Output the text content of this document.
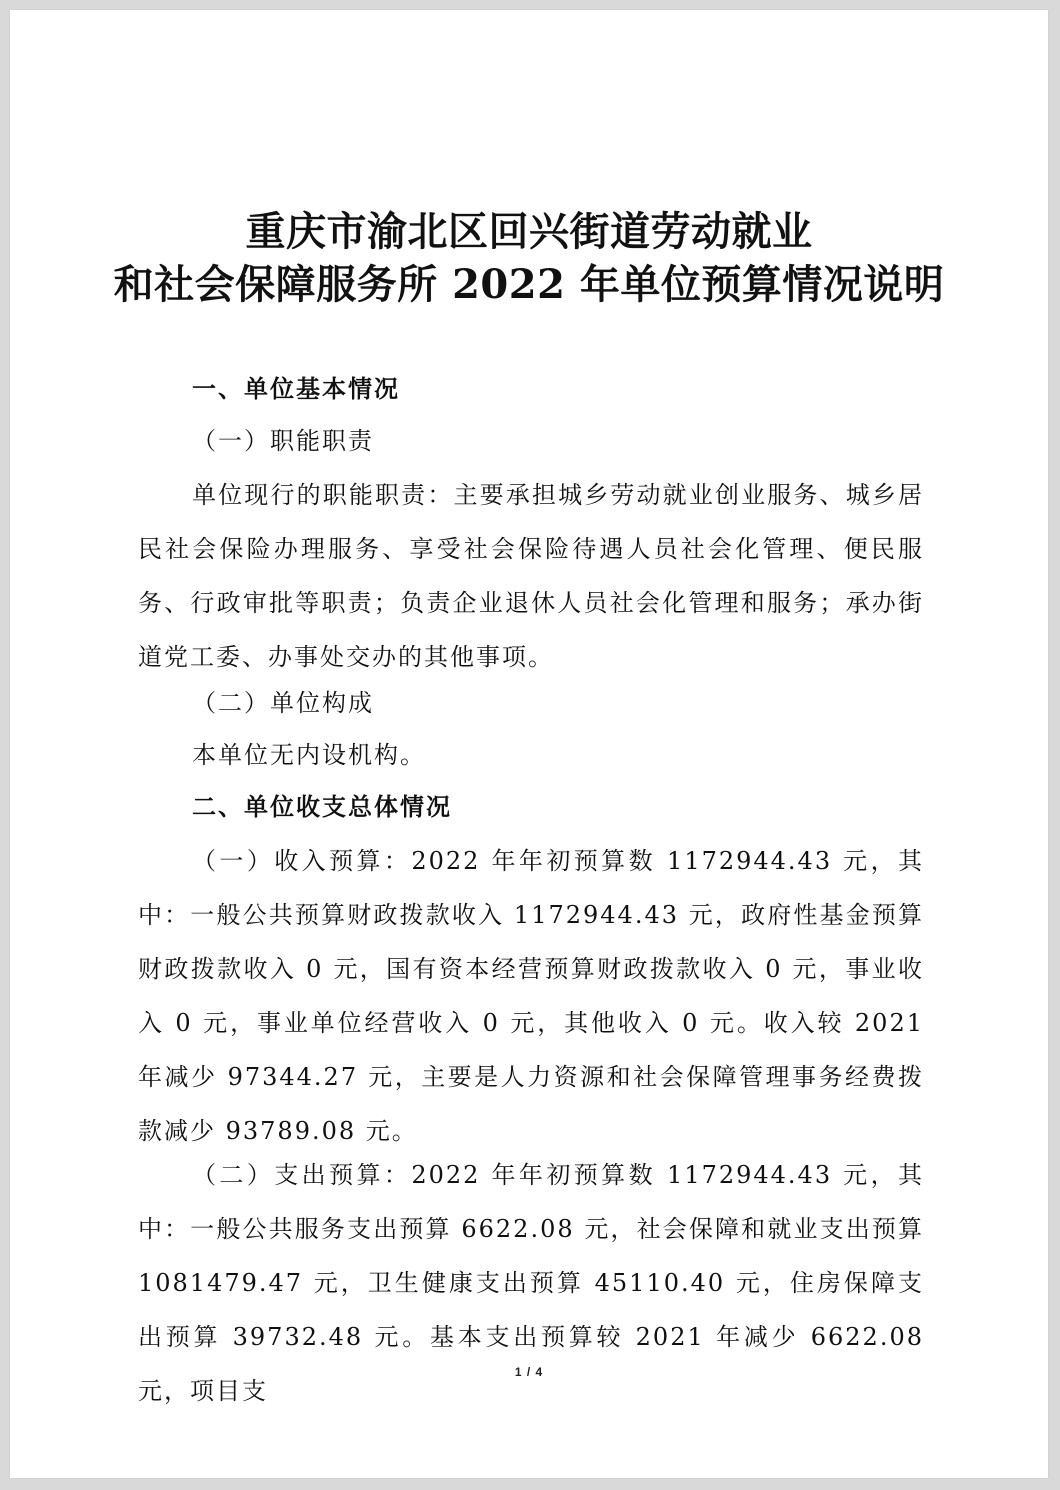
重庆市渝北区回兴街道劳动就业
和社会保障服务所 2022 年单位预算情况说明
一、单位基本情况
（一）职能职责
单位现行的职能职责：主要承担城乡劳动就业创业服务、城乡居民社会保险办理服务、享受社会保险待遇人员社会化管理、便民服务、行政审批等职责；负责企业退休人员社会化管理和服务；承办街道党工委、办事处交办的其他事项。
（二）单位构成
本单位无内设机构。
二、单位收支总体情况
（一）收入预算：2022 年年初预算数 1172944.43 元，其中：一般公共预算财政拨款收入 1172944.43 元，政府性基金预算财政拨款收入 0 元，国有资本经营预算财政拨款收入 0 元，事业收入 0 元，事业单位经营收入 0 元，其他收入 0 元。收入较 2021 年减少 97344.27 元，主要是人力资源和社会保障管理事务经费拨款减少 93789.08 元。
（二）支出预算：2022 年年初预算数 1172944.43 元，其中：一般公共服务支出预算 6622.08 元，社会保障和就业支出预算 1081479.47 元，卫生健康支出预算 45110.40 元，住房保障支出预算 39732.48 元。基本支出预算较 2021 年减少 6622.08 元，项目支
1 / 4
